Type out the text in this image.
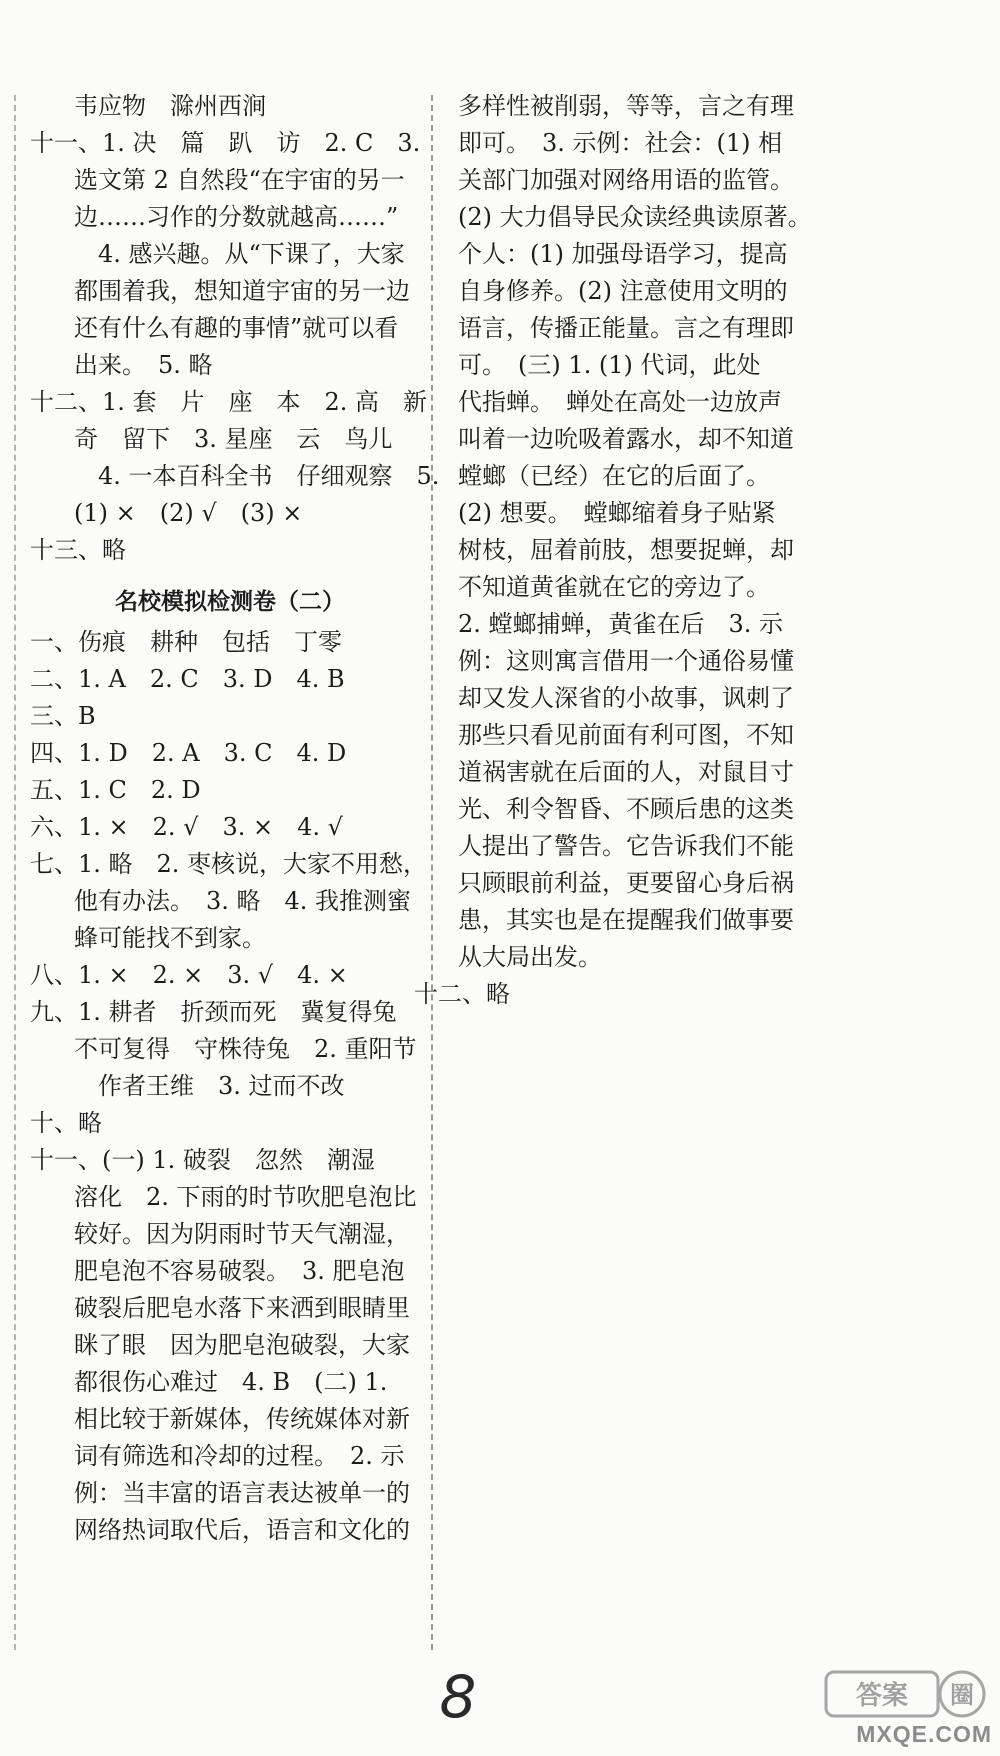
韦应物　滁州西涧
十一、1. 决　篇　趴　访　2. C　3.
选文第 2 自然段“在宇宙的另一
边……习作的分数就越高……”
4. 感兴趣。从“下课了，大家
都围着我，想知道宇宙的另一边
还有什么有趣的事情”就可以看
出来。　5. 略
十二、1. 套　片　座　本　2. 高　新
奇　留下　3. 星座　云　鸟儿
4. 一本百科全书　仔细观察　5.
(1) ×　(2) √　(3) ×
十三、略
名校模拟检测卷（二）
一、伤痕　耕种　包括　丁零
二、1. A　2. C　3. D　4. B
三、B
四、1. D　2. A　3. C　4. D
五、1. C　2. D
六、1. ×　2. √　3. ×　4. √
七、1. 略　2. 枣核说，大家不用愁，
他有办法。　3. 略　4. 我推测蜜
蜂可能找不到家。
八、1. ×　2. ×　3. √　4. ×
九、1. 耕者　折颈而死　冀复得兔
不可复得　守株待兔　2. 重阳节
作者王维　3. 过而不改
十、略
十一、(一) 1. 破裂　忽然　潮湿
溶化　2. 下雨的时节吹肥皂泡比
较好。因为阴雨时节天气潮湿，
肥皂泡不容易破裂。　3. 肥皂泡
破裂后肥皂水落下来洒到眼睛里
眯了眼　因为肥皂泡破裂，大家
都很伤心难过　4. B　(二) 1.
相比较于新媒体，传统媒体对新
词有筛选和冷却的过程。　2. 示
例：当丰富的语言表达被单一的
网络热词取代后，语言和文化的
多样性被削弱，等等，言之有理
即可。　3. 示例：社会：(1) 相
关部门加强对网络用语的监管。
(2) 大力倡导民众读经典读原著。
个人：(1) 加强母语学习，提高
自身修养。(2) 注意使用文明的
语言，传播正能量。言之有理即
可。　(三) 1. (1) 代词，此处
代指蝉。　蝉处在高处一边放声
叫着一边吮吸着露水，却不知道
螳螂（已经）在它的后面了。
(2) 想要。　螳螂缩着身子贴紧
树枝，屈着前肢，想要捉蝉，却
不知道黄雀就在它的旁边了。
2. 螳螂捕蝉，黄雀在后　3. 示
例：这则寓言借用一个通俗易懂
却又发人深省的小故事，讽刺了
那些只看见前面有利可图，不知
道祸害就在后面的人，对鼠目寸
光、利令智昏、不顾后患的这类
人提出了警告。它告诉我们不能
只顾眼前利益，更要留心身后祸
患，其实也是在提醒我们做事要
从大局出发。
十二、略
8	答案 圈
MXQE.COM
